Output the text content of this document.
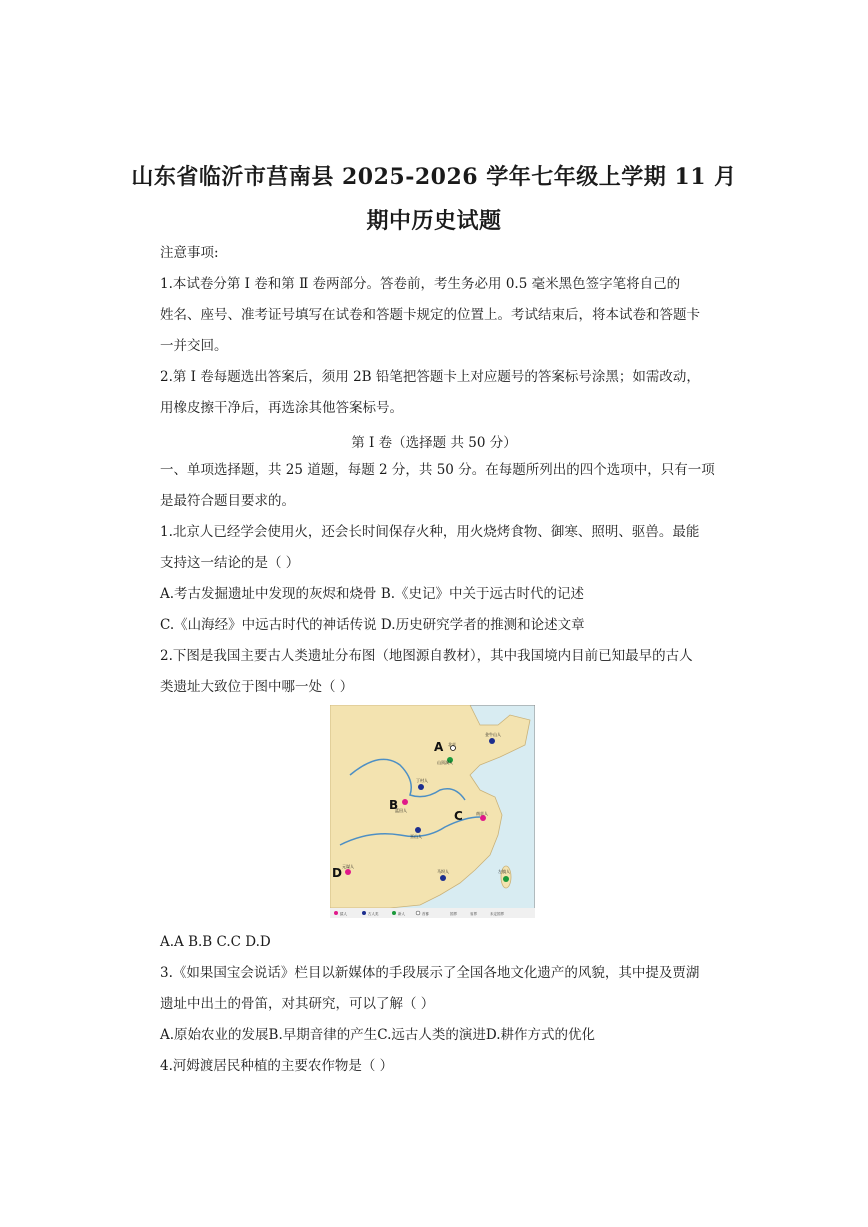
山东省临沂市莒南县 2025-2026 学年七年级上学期 11 月
期中历史试题
注意事项:
1.本试卷分第 Ⅰ 卷和第 Ⅱ 卷两部分。答卷前，考生务必用 0.5 毫米黑色签字笔将自己的
姓名、座号、准考证号填写在试卷和答题卡规定的位置上。考试结束后，将本试卷和答题卡
一并交回。
2.第 I 卷每题选出答案后，须用 2B 铅笔把答题卡上对应题号的答案标号涂黑；如需改动，
用橡皮擦干净后，再选涂其他答案标号。
第 I 卷（选择题 共 50 分）
一、单项选择题，共 25 道题，每题 2 分，共 50 分。在每题所列出的四个选项中，只有一项
是最符合题目要求的。
1.北京人已经学会使用火，还会长时间保存火种，用火烧烤食物、御寒、照明、驱兽。最能
支持这一结论的是（ ）
A.考古发掘遗址中发现的灰烬和烧骨 B.《史记》中关于远古时代的记述
C.《山海经》中远古时代的神话传说 D.历史研究学者的推测和论述文章
2.下图是我国主要古人类遗址分布图（地图源自教材），其中我国境内目前已知最早的古人
类遗址大致位于图中哪一处（ ）
A
B
C
D
北京
山顶洞人
金牛山人
丁村人
蓝田人
南京人
巫山人
元谋人
马坝人	左镇人
猿人	古人类	新人	首都	国界	省界	未定国界
A.A B.B C.C D.D
3.《如果国宝会说话》栏目以新媒体的手段展示了全国各地文化遗产的风貌，其中提及贾湖
遗址中出土的骨笛，对其研究，可以了解（ ）
A.原始农业的发展B.早期音律的产生C.远古人类的演进D.耕作方式的优化
4.河姆渡居民种植的主要农作物是（ ）
